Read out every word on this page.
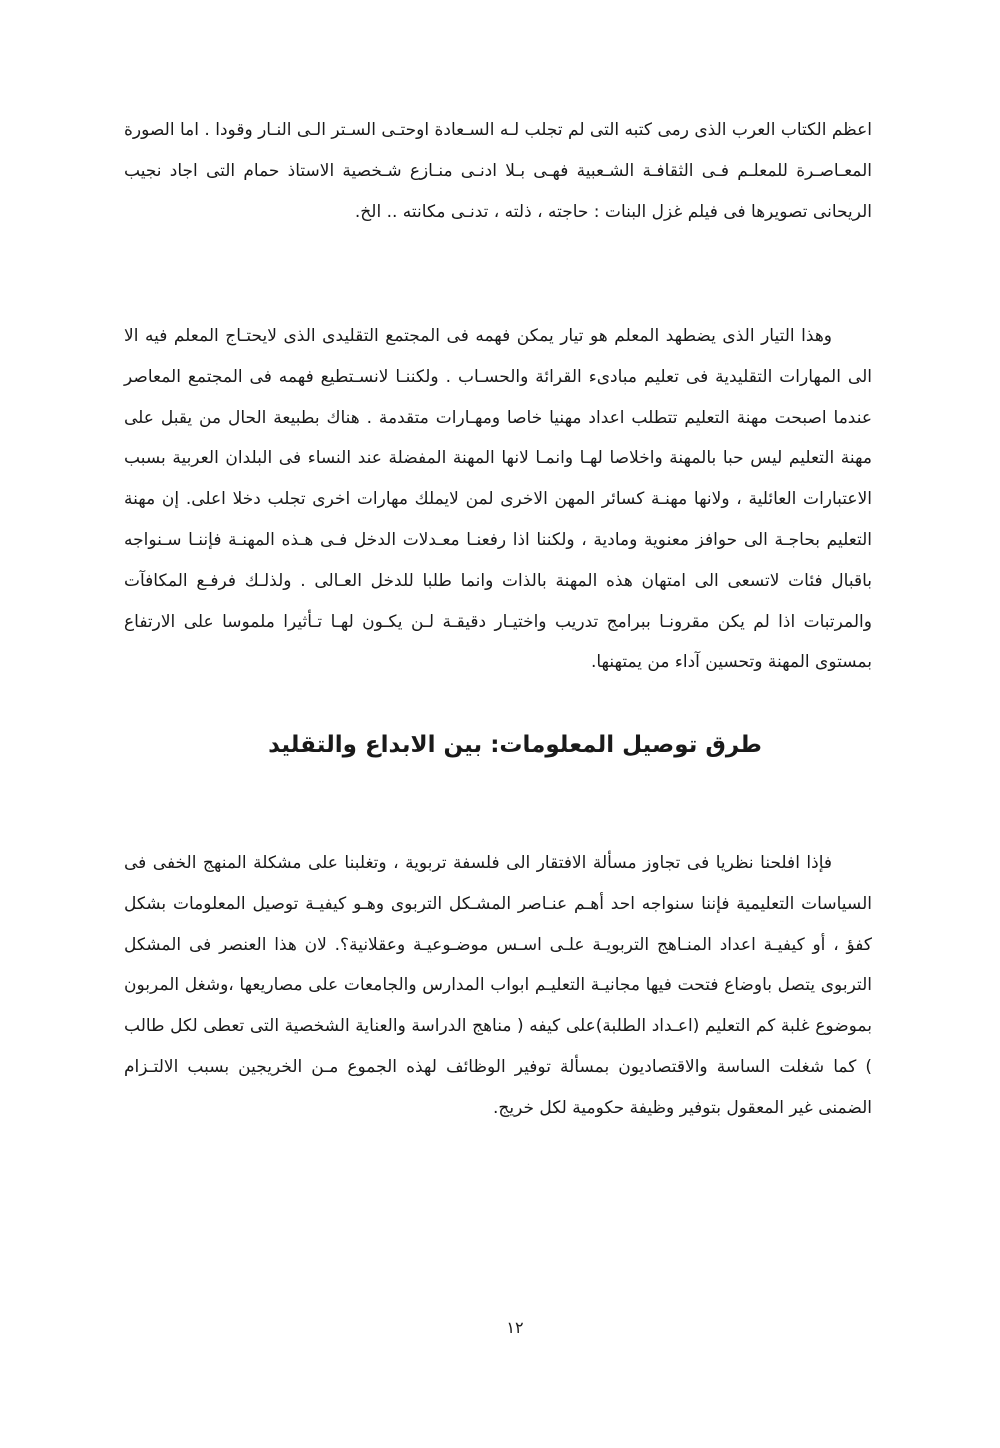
اعظم الكتاب العرب الذى رمى كتبه التى لم تجلب لـه السـعادة اوحتـى السـتر الـى النـار وقودا . اما الصورة المعـاصـرة للمعلـم فـى الثقافـة الشـعبية فهـى بـلا ادنـى منـازع شـخصية الاستاذ حمام التى اجاد نجيب الريحانى تصويرها فى فيلم غزل البنات : حاجته ، ذلته ، تدنـى مكانته .. الخ.

وهذا التيار الذى يضطهد المعلم هو تيار يمكن فهمه فى المجتمع التقليدى الذى لايحتـاج المعلم فيه الا الى المهارات التقليدية فى تعليم مبادىء القرائة والحسـاب . ولكننـا لانسـتطيع فهمه فى المجتمع المعاصر عندما اصبحت مهنة التعليم تتطلب اعداد مهنيا خاصا ومهـارات متقدمة . هناك بطبيعة الحال من يقبل على مهنة التعليم ليس حبا بالمهنة واخلاصا لهـا وانمـا لانها المهنة المفضلة عند النساء فى البلدان العربية بسبب الاعتبارات العائلية ، ولانها مهنـة كسائر المهن الاخرى لمن لايملك مهارات اخرى تجلب دخلا اعلى. إن مهنة التعليم بحاجـة الى حوافز معنوية ومادية ، ولكننا اذا رفعنـا معـدلات الدخل فـى هـذه المهنـة فإننـا سـنواجه باقبال فئات لاتسعى الى امتهان هذه المهنة بالذات وانما طلبا للدخل العـالى . ولذلـك فرفـع المكافآت والمرتبات اذا لم يكن مقرونـا ببرامج تدريب واختيـار دقيقـة لـن يكـون لهـا تـأثيرا ملموسا على الارتفاع بمستوى المهنة وتحسين آداء من يمتهنها.

طرق توصيل المعلومات: بين الابداع والتقليد

فإذا افلحنا نظريا فى تجاوز مسألة الافتقار الى فلسفة تربوية ، وتغلبنا على مشكلة المنهج الخفى فى السياسات التعليمية فإننا سنواجه احد أهـم عنـاصر المشـكل التربوى وهـو كيفيـة توصيل المعلومات بشكل كفؤ ، أو كيفيـة اعداد المنـاهج التربويـة علـى اسـس موضـوعيـة وعقلانية؟. لان هذا العنصر فى المشكل التربوى يتصل باوضاع فتحت فيها مجانيـة التعليـم ابواب المدارس والجامعات على مصاريعها ،وشغل المربون بموضوع غلبة كم التعليم (اعـداد الطلبة)على كيفه ( مناهج الدراسة والعناية الشخصية التى تعطى لكل طالب ) كما شغلت الساسة والاقتصاديون بمسألة توفير الوظائف لهذه الجموع مـن الخريجين بسبب الالتـزام الضمنى غير المعقول بتوفير وظيفة حكومية لكل خريج.

١٢
